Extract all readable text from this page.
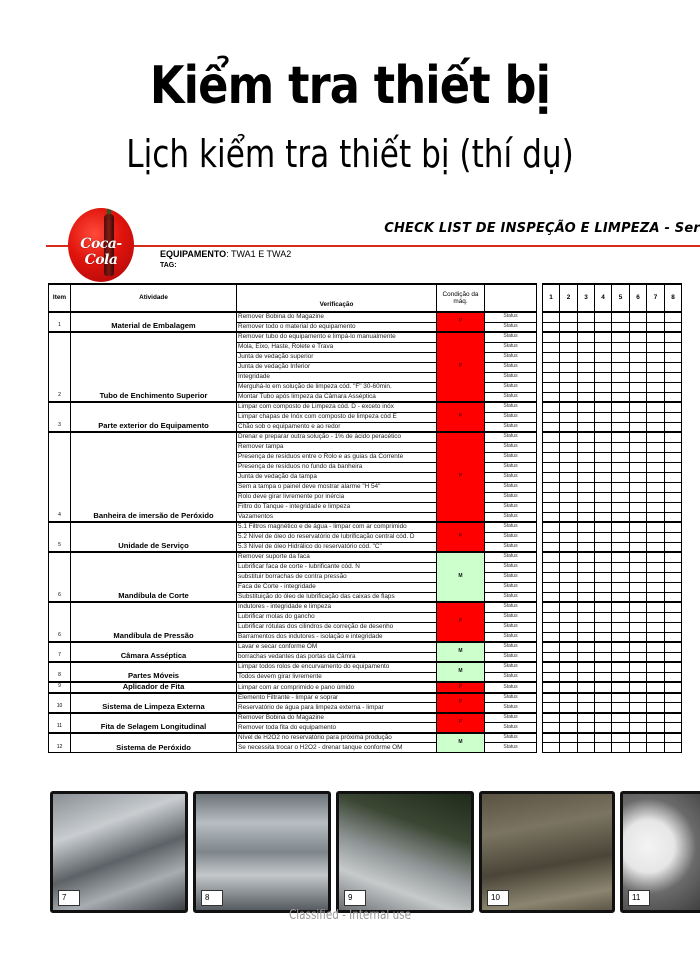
Kiểm tra thiết bị
Lịch kiểm tra thiết bị (thí dụ)
Coca-Cola
CHECK LIST DE INSPEÇÃO E LIMPEZA - Ser
EQUIPAMENTO: TWA1 E TWA2
TAG:
Item	Atividade	Verificação	Condição da máq.			1	2	3	4	5	6	7	8
1	Material de Embalagem	Remover Bobina do Magazine	P	Status									
		Remover todo o material do equipamento		Status									
2	Tubo de Enchimento Superior	Remover tubo do equipamento e limpá-lo manualmente	P	Status									
		Mola, Eixo, Haste, Rolete e Trava		Status									
		Junta de vedação superior		Status									
		Junta de vedação Inferior		Status									
		Integridade		Status									
		Merguhá-lo em solução de limpeza cód. "F" 30-60min.		Status									
		Montar Tubo após limpeza da Câmara Asséptica		Status									
3	Parte exterior do Equipamento	Limpar com composto de Limpeza cód. D - exceto inóx	P	Status									
		Limpar chapas de Inóx com composto de limpeza cód E		Status									
		Chão sob o equipamento e ao redor		Status									
4	Banheira de imersão de Peróxido	Drenar e preparar outra solução - 1% de ácido peracético	P	Status									
		Remover tampa		Status									
		Presença de resíduos entre o Rolo e as guias da Corrente		Status									
		Presença de resíduos no fundo da banheira		Status									
		Junta de vedação da tampa		Status									
		Sem a tampa o painel deve mostrar alarme "H 54"		Status									
		Rolo deve girar livremente por inércia		Status									
		Filtro do Tanque - integridade e limpeza		Status									
		Vazamentos		Status									
5	Unidade de Serviço	5.1 Filtros magnético e de água - limpar com ar comprimido	P	Status									
		5.2 Nível de óleo do reservatório de lubrificação central cód. D		Status									
		5.3 Nível de óleo Hidrálico do reservatório cód. "C"		Status									
6	Mandíbula de Corte	Remover suporte da faca	M	Status									
		Lubrificar faca de corte - lubrificante cód. N		Status									
		substituir borrachas de contra pressão		Status									
		Faca de Corte - integridade		Status									
		Substituição do óleo de lubrificação das caixas de flaps		Status									
6	Mandíbula de Pressão	Indutores - integridade e limpeza	P	Status									
		Lubrificar molas do gancho		Status									
		Lubrificar rótulas dos cilindros de correção de desenho		Status									
		Barramentos dos indutores - isolação e integridade		Status									
7	Câmara Asséptica	Lavar e secar conforme OM	M	Status									
		borrachas vedantes das portas da Câmra		Status									
8	Partes Móveis	Limpar todos rolos de encurvamento do equipamento	M	Status									
		Todos devem girar livremente		Status									
9	Aplicador de Fita	Limpar com ar comprimido e pano úmido	P	Status									
10	Sistema de Limpeza Externa	Elemento Filtrante - limpar e soprar	P	Status									
		Reservatório de água para limpeza externa - limpar		Status									
11	Fita de Selagem Longitudinal	Remover Bobina do Magazine	P	Status									
		Remover toda fita do equipamento		Status									
12	Sistema de Peróxido	Nível de H2O2 no reservatório para próxima produção	M	Status									
		Se necessita trocar o H2O2 - drenar tanque conforme OM		Status									
7	8	9	10	11
Classified - Internal use
